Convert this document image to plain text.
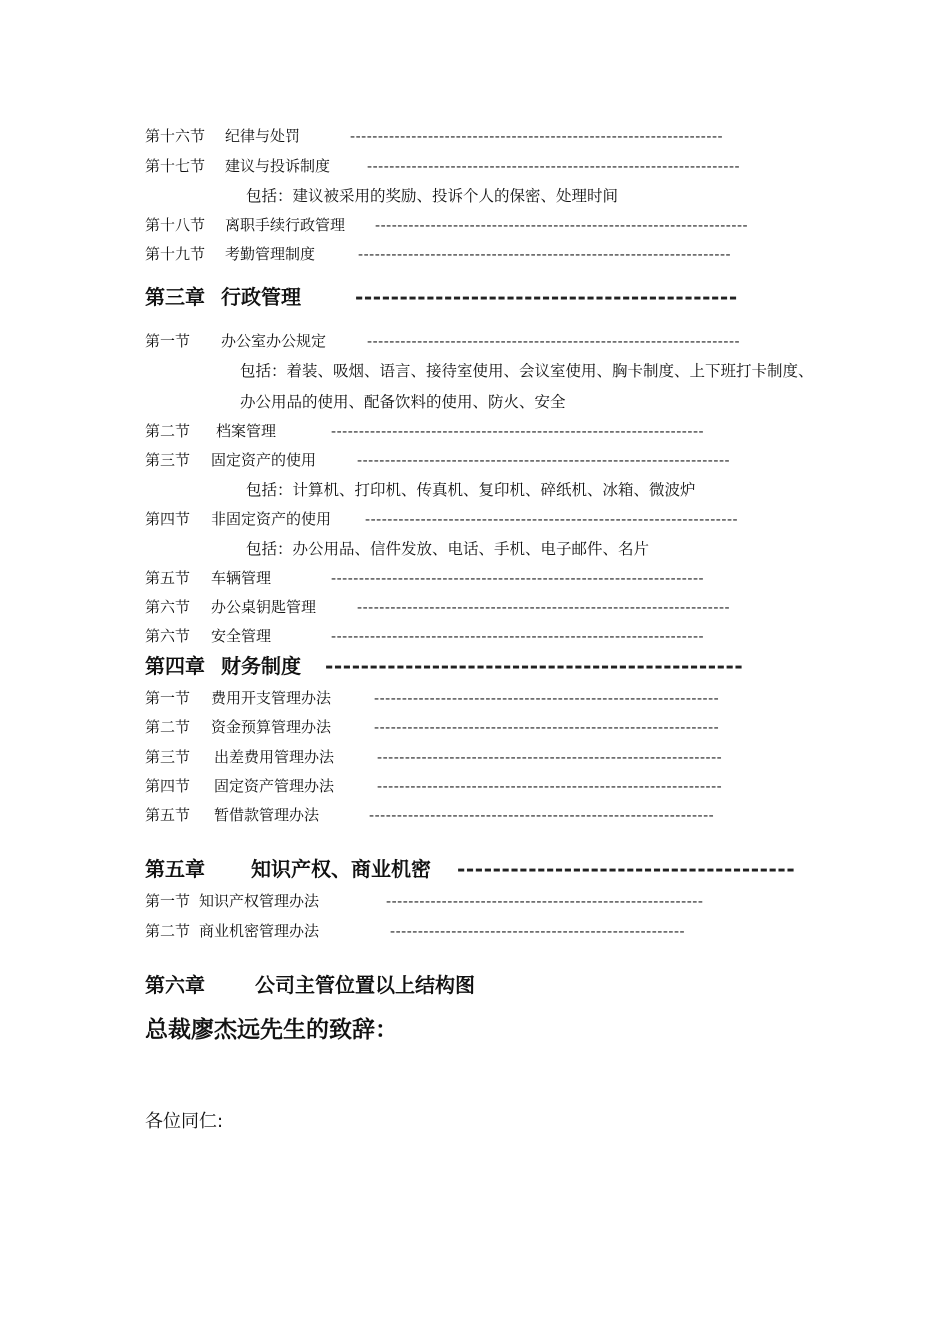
第十六节 纪律与处罚	-------------------------------------------------------------------
第十七节 建议与投诉制度 -------------------------------------------------------------------
包括：建议被采用的奖励、投诉个人的保密、处理时间
第十八节 离职手续行政管理 -------------------------------------------------------------------
第十九节 考勤管理制度	-------------------------------------------------------------------
第三章 行政管理	-------------------------------------------
第一节 办公室办公规定	-------------------------------------------------------------------
包括：着装、吸烟、语言、接待室使用、会议室使用、胸卡制度、上下班打卡制度、
办公用品的使用、配备饮料的使用、防火、安全
第二节 档案管理	-------------------------------------------------------------------
第三节 固定资产的使用	-------------------------------------------------------------------
包括：计算机、打印机、传真机、复印机、碎纸机、冰箱、微波炉
第四节 非固定资产的使用 -------------------------------------------------------------------
包括：办公用品、信件发放、电话、手机、电子邮件、名片
第五节 车辆管理	-------------------------------------------------------------------
第六节 办公桌钥匙管理	-------------------------------------------------------------------
第六节 安全管理	-------------------------------------------------------------------
第四章 财务制度 -----------------------------------------------
第一节 费用开支管理办法	--------------------------------------------------------------
第二节 资金预算管理办法	--------------------------------------------------------------
第三节 出差费用管理办法	--------------------------------------------------------------
第四节 固定资产管理办法	--------------------------------------------------------------
第五节 暂借款管理办法	--------------------------------------------------------------
第五章 知识产权、商业机密 --------------------------------------
第一节 知识产权管理办法	---------------------------------------------------------
第二节 商业机密管理办法	-----------------------------------------------------
第六章	公司主管位置以上结构图
总裁廖杰远先生的致辞：
各位同仁:
